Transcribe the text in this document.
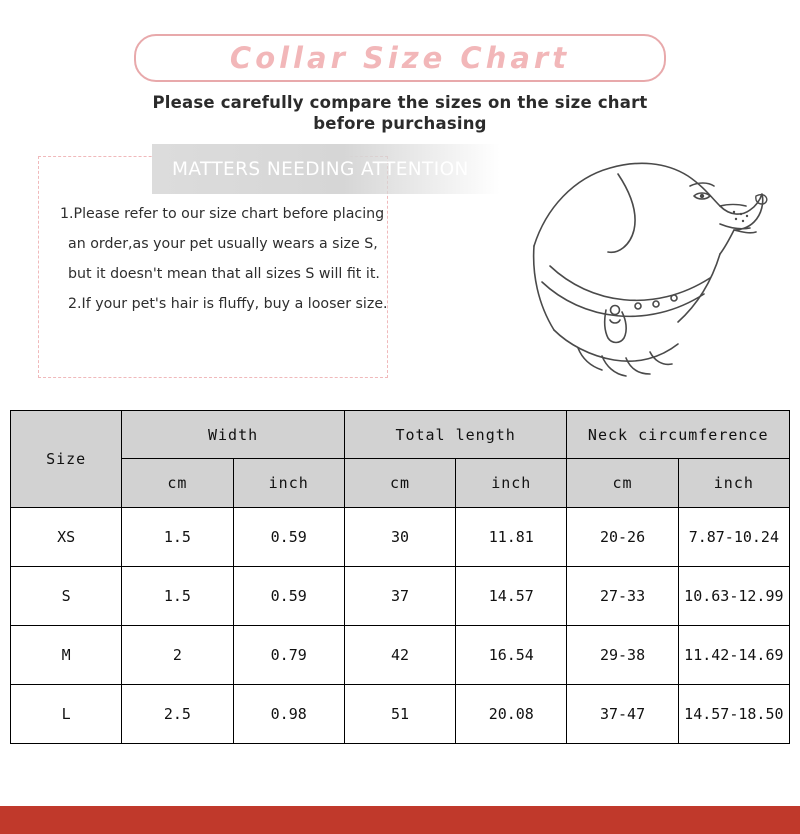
Collar Size Chart
Please carefully compare the sizes on the size chart
before purchasing
MATTERS NEEDING ATTENTION

1.Please refer to our size chart before placing

an order,as your pet usually wears a size S,

but it doesn't mean that all sizes S will fit it.

2.If your pet's hair is fluffy, buy a looser size.

Size	Width		Total length		Neck circumference	
	cm	inch	cm	inch	cm	inch
XS	1.5	0.59	30	11.81	20-26	7.87-10.24
S	1.5	0.59	37	14.57	27-33	10.63-12.99
M	2	0.79	42	16.54	29-38	11.42-14.69
L	2.5	0.98	51	20.08	37-47	14.57-18.50
